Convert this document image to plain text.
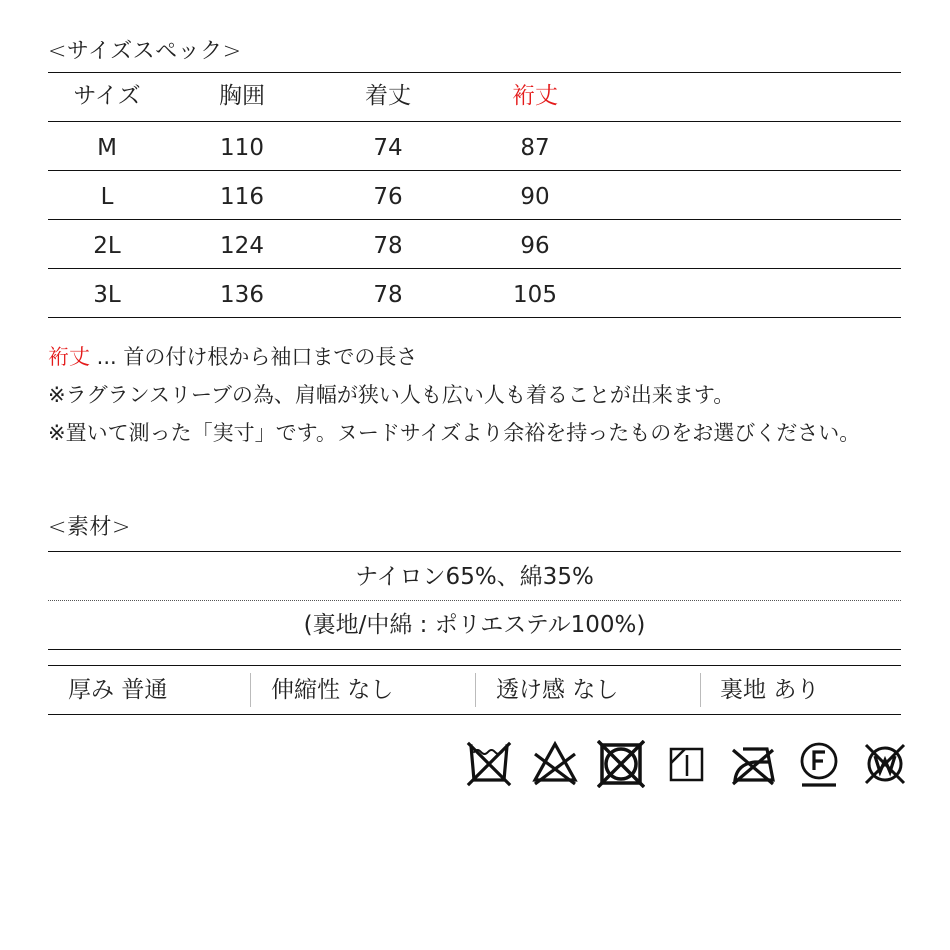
<サイズスペック>
サイズ	胸囲	着丈	裄丈
M	110	74	87
L	116	76	90
2L	124	78	96
3L	136	78	105
裄丈 ... 首の付け根から袖口までの長さ
※ラグランスリーブの為、肩幅が狭い人も広い人も着ることが出来ます。
※置いて測った「実寸」です。ヌードサイズより余裕を持ったものをお選びください。
<素材>
ナイロン65%、綿35%
(裏地/中綿 : ポリエステル100%)
厚み 普通	伸縮性 なし	透け感 なし	裏地 あり
